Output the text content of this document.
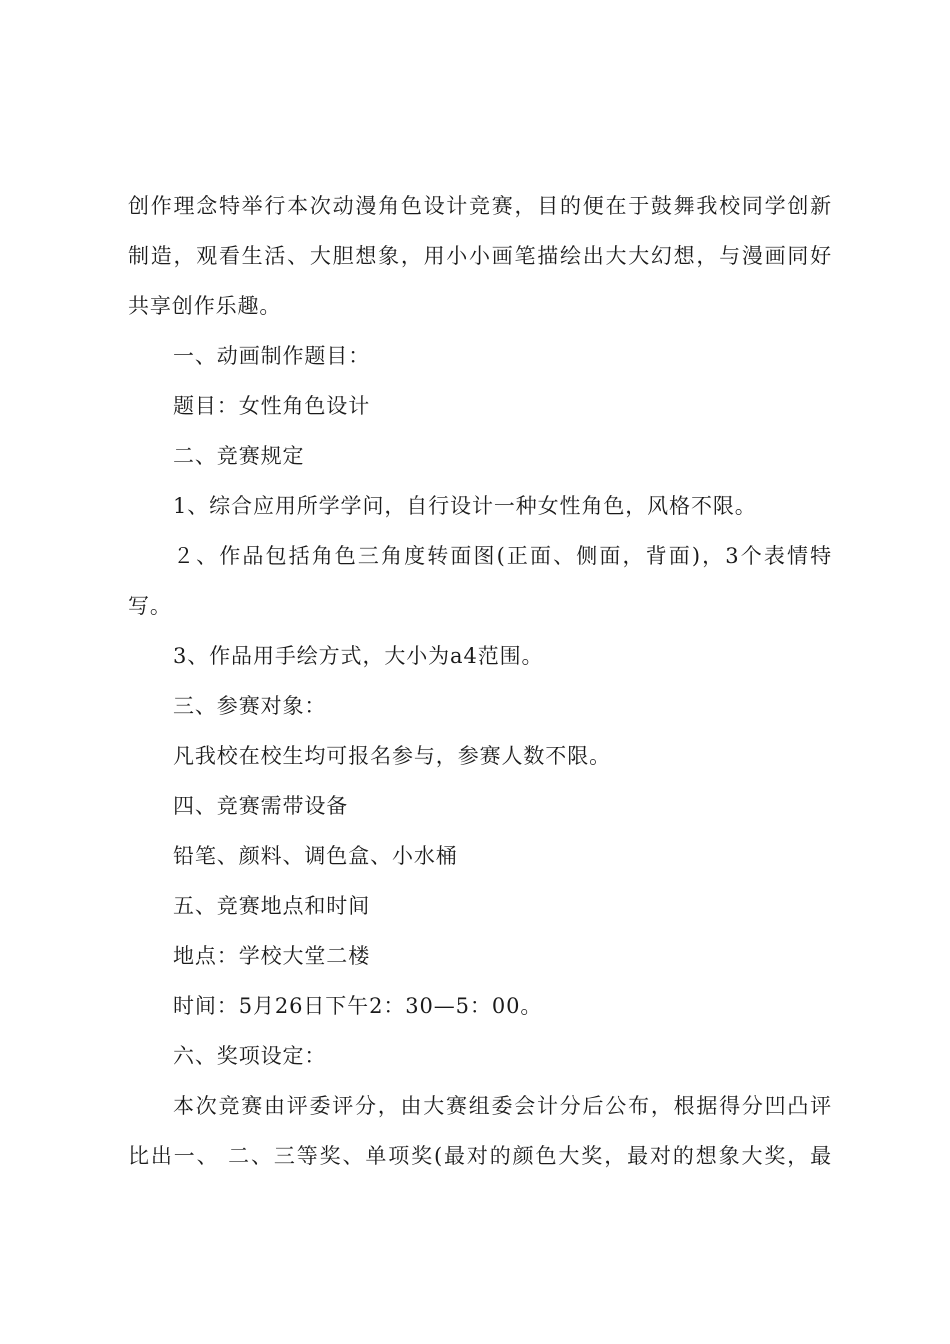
创作理念特举行本次动漫角色设计竞赛，目的便在于鼓舞我校同学创新
制造，观看生活、大胆想象，用小小画笔描绘出大大幻想，与漫画同好
共享创作乐趣。
一、动画制作题目：
题目：女性角色设计
二、竞赛规定
1、综合应用所学学问，自行设计一种女性角色，风格不限。
２、作品包括角色三角度转面图(正面、侧面，背面)，3个表情特
写。
3、作品用手绘方式，大小为a4范围。
三、参赛对象：
凡我校在校生均可报名参与，参赛人数不限。
四、竞赛需带设备
铅笔、颜料、调色盒、小水桶
五、竞赛地点和时间
地点：学校大堂二楼
时间：5月26日下午2：30—5：00。
六、奖项设定：
本次竞赛由评委评分，由大赛组委会计分后公布，根据得分凹凸评
比出一、 二、三等奖、单项奖(最对的颜色大奖，最对的想象大奖，最
